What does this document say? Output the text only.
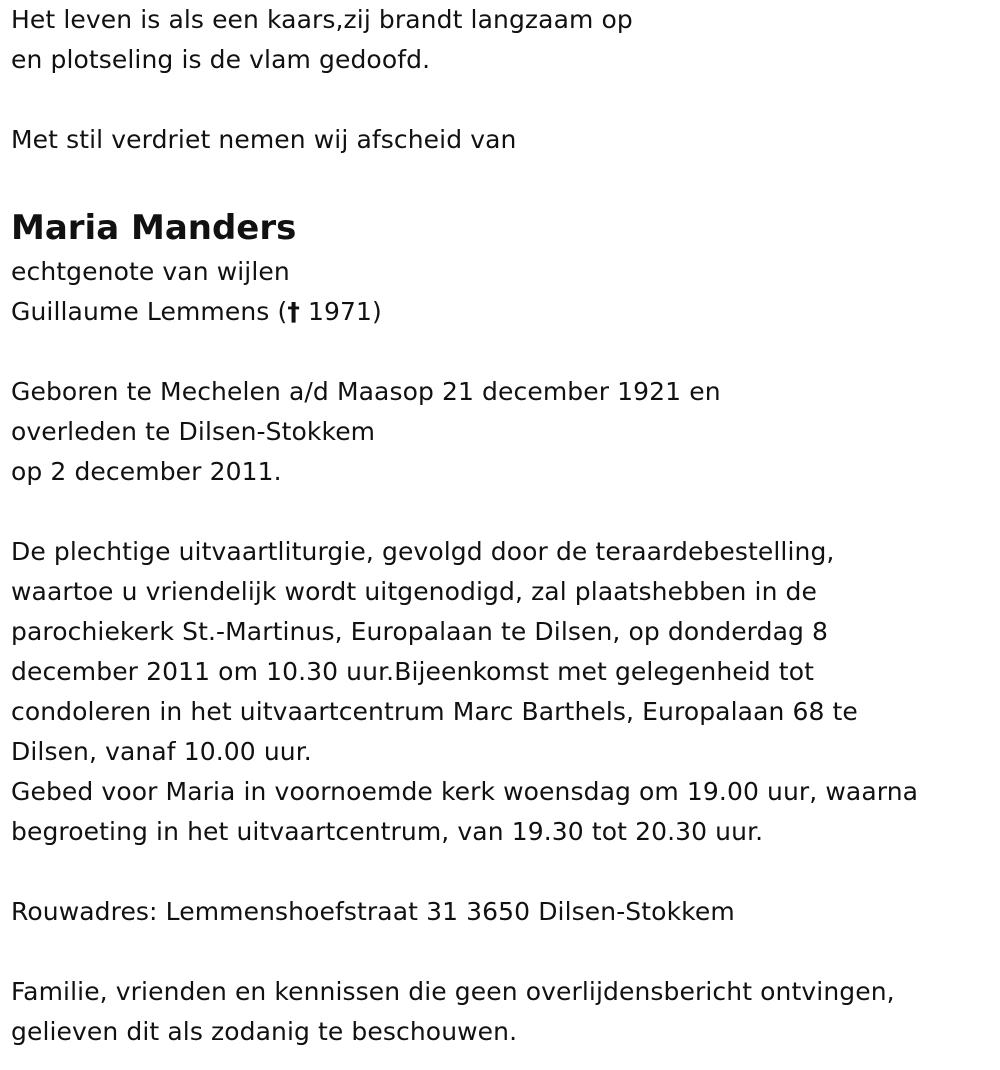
Het leven is als een kaars,zij brandt langzaam op
en plotseling is de vlam gedoofd.
Met stil verdriet nemen wij afscheid van
Maria Manders
echtgenote van wijlen
Guillaume Lemmens († 1971)
Geboren te Mechelen a/d Maasop 21 december 1921 en
overleden te Dilsen-Stokkem
op 2 december 2011.
De plechtige uitvaartliturgie, gevolgd door de teraardebestelling,
waartoe u vriendelijk wordt uitgenodigd, zal plaatshebben in de
parochiekerk St.-Martinus, Europalaan te Dilsen, op donderdag 8
december 2011 om 10.30 uur.Bijeenkomst met gelegenheid tot
condoleren in het uitvaartcentrum Marc Barthels, Europalaan 68 te
Dilsen, vanaf 10.00 uur.
Gebed voor Maria in voornoemde kerk woensdag om 19.00 uur, waarna
begroeting in het uitvaartcentrum, van 19.30 tot 20.30 uur.
Rouwadres: Lemmenshoefstraat 31 3650 Dilsen-Stokkem
Familie, vrienden en kennissen die geen overlijdensbericht ontvingen,
gelieven dit als zodanig te beschouwen.
